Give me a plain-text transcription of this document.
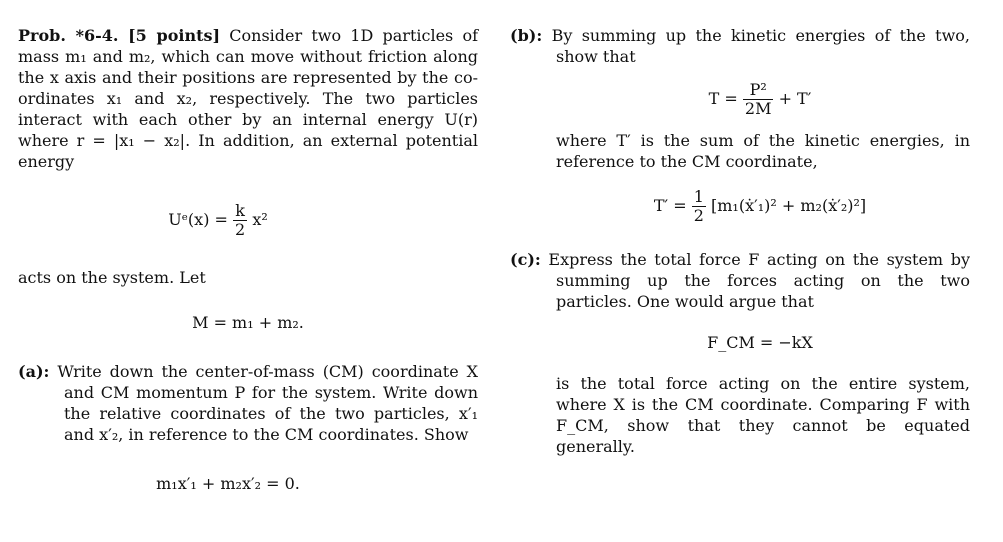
Prob. *6-4. [5 points] Consider two 1D particles of mass m₁ and m₂, which can move without friction along the x axis and their positions are represented by the co-ordinates x₁ and x₂, respectively. The two particles interact with each other by an internal energy U(r) where r = |x₁ − x₂|. In addition, an external potential energy

Uᵉ(x) = $\frac{k}{2} x^2$

acts on the system. Let

M = m₁ + m₂.

(a): Write down the center-of-mass (CM) coordinate X and CM momentum P for the system. Write down the relative coordinates of the two particles, x′₁ and x′₂, in reference to the CM coordinates. Show

m₁x′₁ + m₂x′₂ = 0.

(b): By summing up the kinetic energies of the two, show that

$T = \frac{\text{P²}}{2M} + T'$

where T′ is the sum of the kinetic energies, in reference to the CM coordinate,

$T' = \frac{1}{2}$ [m₁(ẋ′₁)² + m₂(ẋ′₂)²]

(c): Express the total force F acting on the system by summing up the forces acting on the two particles. One would argue that

F_CM = −kX

is the total force acting on the entire system, where X is the CM coordinate. Comparing F with F_CM, show that they cannot be equated generally.
